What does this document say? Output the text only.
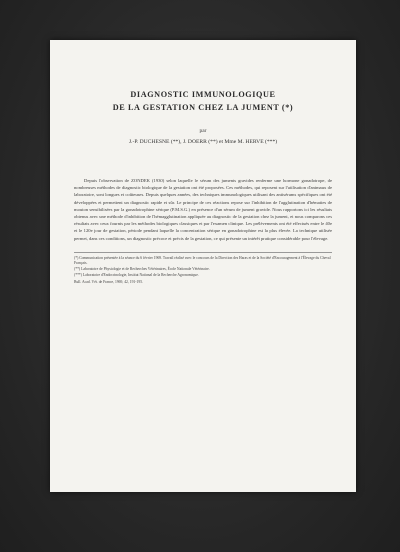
DIAGNOSTIC IMMUNOLOGIQUE
DE LA GESTATION CHEZ LA JUMENT (*)
par
J.-P. DUCHESNE (**), J. DOERR (**) et Mme M. HERVE (***)
Depuis l'observation de ZONDEK (1930) selon laquelle le sérum des juments gravides renferme une hormone gonadotrope, de nombreuses méthodes de diagnostic biologique de la gestation ont été proposées. Ces méthodes, qui reposent sur l'utilisation d'animaux de laboratoire, sont longues et coûteuses. Depuis quelques années, des techniques immunologiques utilisant des antisérums spécifiques ont été développées et permettent un diagnostic rapide et sûr. Le principe de ces réactions repose sur l'inhibition de l'agglutination d'hématies de mouton sensibilisées par la gonadotrophine sérique (P.M.S.G.) en présence d'un sérum de jument gravide. Nous rapportons ici les résultats obtenus avec une méthode d'inhibition de l'hémagglutination appliquée au diagnostic de la gestation chez la jument, et nous comparons ces résultats avec ceux fournis par les méthodes biologiques classiques et par l'examen clinique. Les prélèvements ont été effectués entre le 40e et le 120e jour de gestation, période pendant laquelle la concentration sérique en gonadotrophine est la plus élevée. La technique utilisée permet, dans ces conditions, un diagnostic précoce et précis de la gestation, ce qui présente un intérêt pratique considérable pour l'élevage.

(*) Communication présentée à la séance du 6 février 1969. Travail réalisé avec le concours de la Direction des Haras et de la Société d'Encouragement à l'Élevage du Cheval Français.

(**) Laboratoire de Physiologie et de Recherches Vétérinaires, École Nationale Vétérinaire.

(***) Laboratoire d'Endocrinologie, Institut National de la Recherche Agronomique.

Bull. Acad. Vét. de France, 1969, 42, 191-195.
